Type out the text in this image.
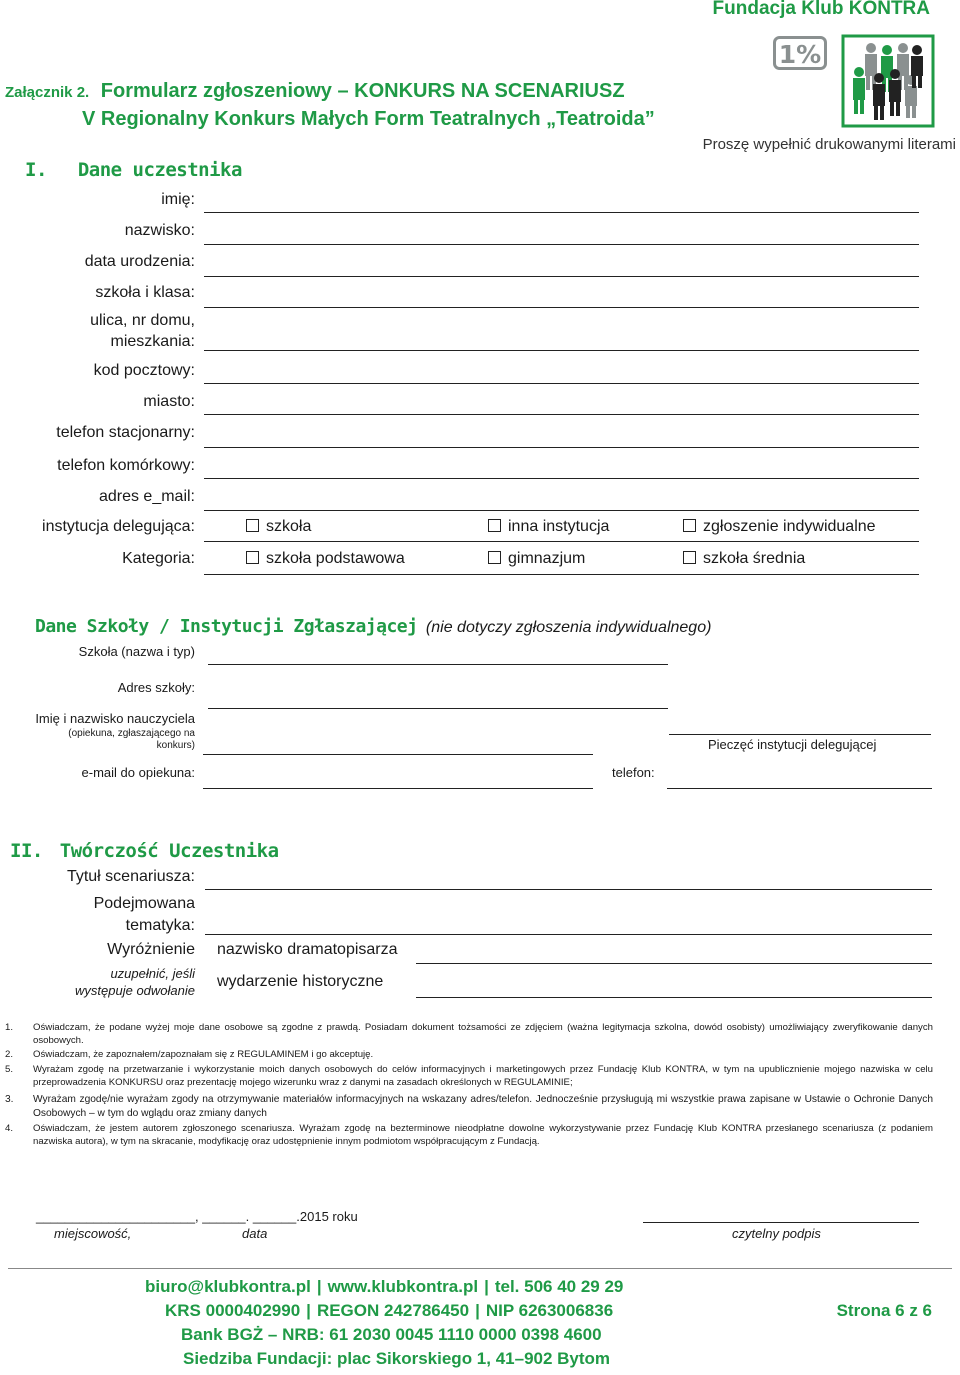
Fundacja Klub KONTRA
1%
Załącznik 2. Formularz zgłoszeniowy – KONKURS NA SCENARIUSZ
V Regionalny Konkurs Małych Form Teatralnych „Teatroida”
Proszę wypełnić drukowanymi literami
I. Dane uczestnika
imię:
nazwisko:
data urodzenia:
szkoła i klasa:
ulica, nr domu,
mieszkania:
kod pocztowy:
miasto:
telefon stacjonarny:
telefon komórkowy:
adres e_mail:
instytucja delegująca:	szkoła	inna instytucja	zgłoszenie indywidualne
Kategoria:	szkoła podstawowa	gimnazjum	szkoła średnia
Dane Szkoły / Instytucji Zgłaszającej (nie dotyczy zgłoszenia indywidualnego)
Szkoła (nazwa i typ)
Adres szkoły:
Imię i nazwisko nauczyciela
(opiekuna, zgłaszającego na konkurs)	Pieczęć instytucji delegującej
e-mail do opiekuna:	telefon:
II. Twórczość Uczestnika
Tytuł scenariusza:
Podejmowana tematyka:
Wyróżnienie
uzupełnić, jeśli występuje odwołanie
nazwisko dramatopisarza
wydarzenie historyczne
1. Oświadczam, że podane wyżej moje dane osobowe są zgodne z prawdą. Posiadam dokument tożsamości ze zdjęciem (ważna legitymacja szkolna, dowód osobisty) umożliwiający zweryfikowanie danych osobowych.
2. Oświadczam, że zapoznałem/zapoznałam się z REGULAMINEM i go akceptuję.
5. Wyrażam zgodę na przetwarzanie i wykorzystanie moich danych osobowych do celów informacyjnych i marketingowych przez Fundację Klub KONTRA, w tym na upublicznienie mojego nazwiska w celu przeprowadzenia KONKURSU oraz prezentację mojego wizerunku wraz z danymi na zasadach określonych w REGULAMINIE;
3. Wyrażam zgodę/nie wyrażam zgody na otrzymywanie materiałów informacyjnych na wskazany adres/telefon. Jednocześnie przysługują mi wszystkie prawa zapisane w Ustawie o Ochronie Danych Osobowych – w tym do wglądu oraz zmiany danych
4. Oświadczam, że jestem autorem zgłoszonego scenariusza. Wyrażam zgodę na bezterminowe nieodpłatne dowolne wykorzystywanie przez Fundację Klub KONTRA przesłanego scenariusza (z podaniem nazwiska autora), w tym na skracanie, modyfikację oraz udostępnienie innym podmiotom współpracującym z Fundacją.
______________________, ______. ______.2015 roku
miejscowość,	data	czytelny podpis
biuro@klubkontra.pl | www.klubkontra.pl | tel. 506 40 29 29
KRS 0000402990 | REGON 242786450 | NIP 6263006836	Strona 6 z 6
Bank BGŻ – NRB: 61 2030 0045 1110 0000 0398 4600
Siedziba Fundacji: plac Sikorskiego 1, 41–902 Bytom
